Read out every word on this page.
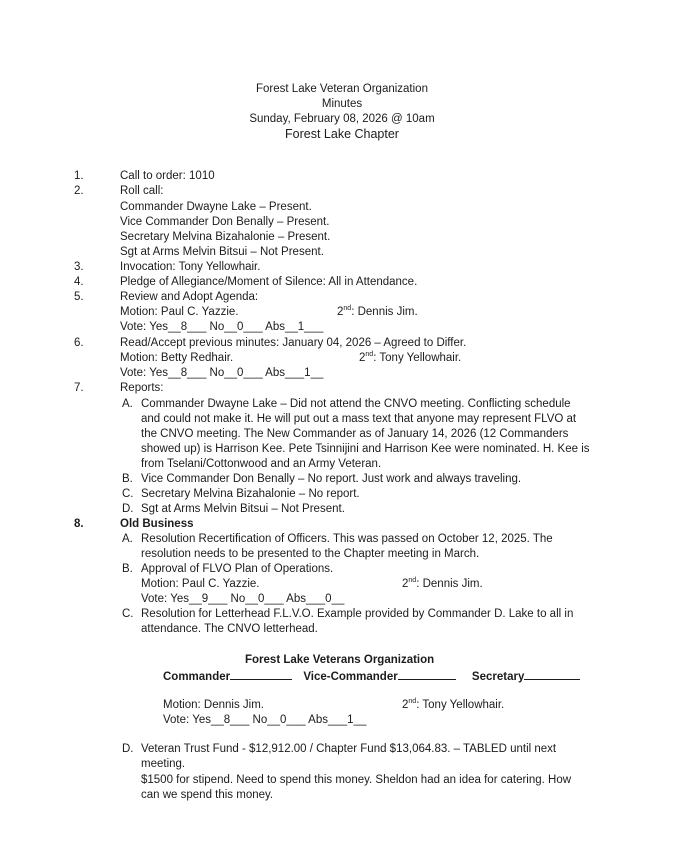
Forest Lake Veteran Organization
Minutes
Sunday, February 08, 2026 @ 10am
Forest Lake Chapter
1.	Call to order: 1010
2.	Roll call:
Commander Dwayne Lake – Present.
Vice Commander Don Benally – Present.
Secretary Melvina Bizahalonie – Present.
Sgt at Arms Melvin Bitsui – Not Present.
3.	Invocation: Tony Yellowhair.
4.	Pledge of Allegiance/Moment of Silence: All in Attendance.
5.	Review and Adopt Agenda:
Motion: Paul C. Yazzie.	2nd: Dennis Jim.
Vote: Yes__8___ No__0___ Abs__1___
6.	Read/Accept previous minutes: January 04, 2026 – Agreed to Differ.
Motion: Betty Redhair.	2nd: Tony Yellowhair.
Vote: Yes__8___ No__0___ Abs___1__
7.	Reports:
A. Commander Dwayne Lake – Did not attend the CNVO meeting. Conflicting schedule
and could not make it. He will put out a mass text that anyone may represent FLVO at
the CNVO meeting. The New Commander as of January 14, 2026 (12 Commanders
showed up) is Harrison Kee. Pete Tsinnijini and Harrison Kee were nominated. H. Kee is
from Tselani/Cottonwood and an Army Veteran.
B. Vice Commander Don Benally – No report. Just work and always traveling.
C. Secretary Melvina Bizahalonie – No report.
D. Sgt at Arms Melvin Bitsui – Not Present.
8.	Old Business
A. Resolution Recertification of Officers. This was passed on October 12, 2025. The
resolution needs to be presented to the Chapter meeting in March.
B. Approval of FLVO Plan of Operations.
Motion: Paul C. Yazzie.	2nd: Dennis Jim.
Vote: Yes__9___ No__0___ Abs___0__
C. Resolution for Letterhead F.L.V.O. Example provided by Commander D. Lake to all in
attendance. The CNVO letterhead.
Forest Lake Veterans Organization
Commander	Vice-Commander	Secretary
Motion: Dennis Jim.	2nd: Tony Yellowhair.
Vote: Yes__8___ No__0___ Abs___1__
D. Veteran Trust Fund - $12,912.00 / Chapter Fund $13,064.83. – TABLED until next
meeting.
$1500 for stipend. Need to spend this money. Sheldon had an idea for catering. How
can we spend this money.
